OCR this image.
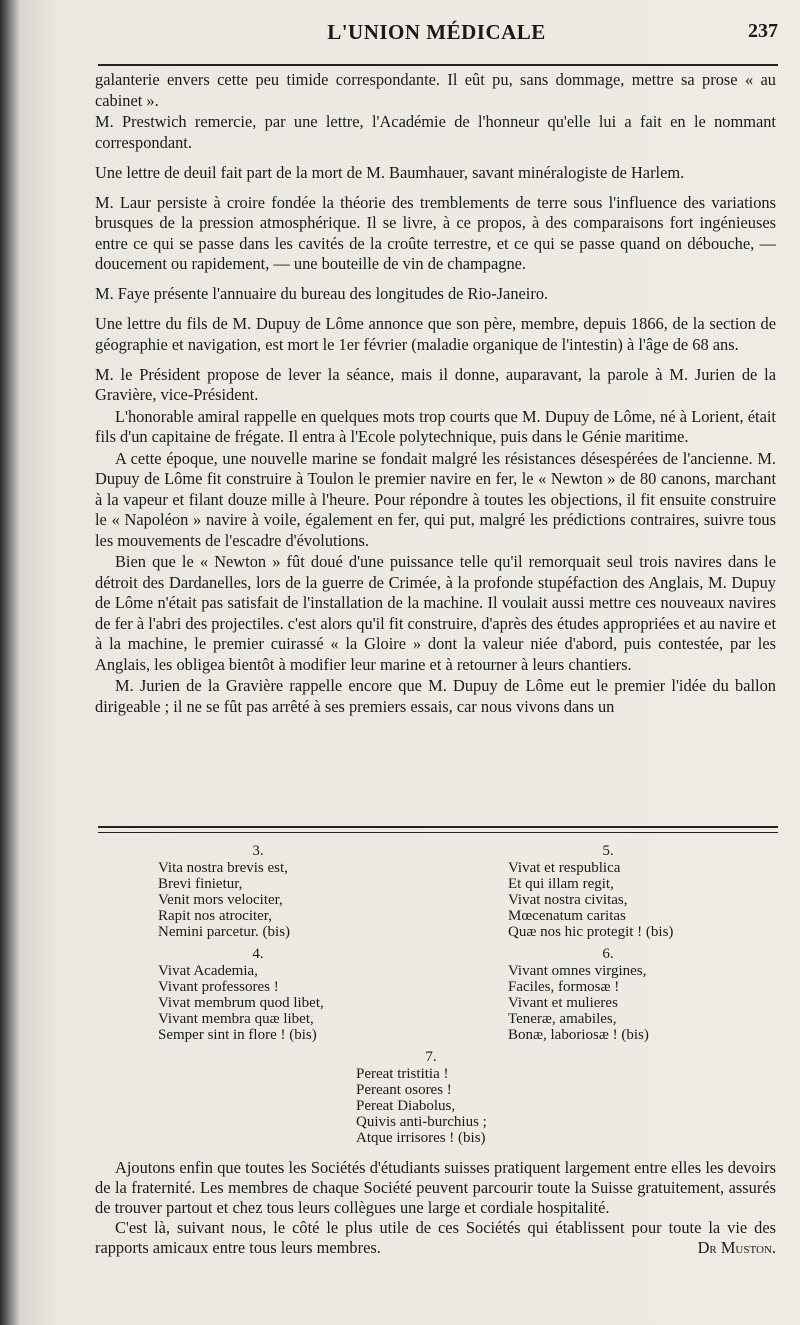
L'UNION MÉDICALE	237

galanterie envers cette peu timide correspondante. Il eût pu, sans dommage, mettre sa prose « au cabinet ».

M. Prestwich remercie, par une lettre, l'Académie de l'honneur qu'elle lui a fait en le nommant correspondant.

Une lettre de deuil fait part de la mort de M. Baumhauer, savant minéralogiste de Harlem.

M. Laur persiste à croire fondée la théorie des tremblements de terre sous l'influence des variations brusques de la pression atmosphérique. Il se livre, à ce propos, à des comparaisons fort ingénieuses entre ce qui se passe dans les cavités de la croûte terrestre, et ce qui se passe quand on débouche, — doucement ou rapidement, — une bouteille de vin de champagne.

M. Faye présente l'annuaire du bureau des longitudes de Rio-Janeiro.

Une lettre du fils de M. Dupuy de Lôme annonce que son père, membre, depuis 1866, de la section de géographie et navigation, est mort le 1er février (maladie organique de l'intestin) à l'âge de 68 ans.

M. le Président propose de lever la séance, mais il donne, auparavant, la parole à M. Jurien de la Gravière, vice-Président.

L'honorable amiral rappelle en quelques mots trop courts que M. Dupuy de Lôme, né à Lorient, était fils d'un capitaine de frégate. Il entra à l'Ecole polytechnique, puis dans le Génie maritime.

A cette époque, une nouvelle marine se fondait malgré les résistances désespérées de l'ancienne. M. Dupuy de Lôme fit construire à Toulon le premier navire en fer, le « Newton » de 80 canons, marchant à la vapeur et filant douze mille à l'heure. Pour répondre à toutes les objections, il fit ensuite construire le « Napoléon » navire à voile, également en fer, qui put, malgré les prédictions contraires, suivre tous les mouvements de l'escadre d'évolutions.

Bien que le « Newton » fût doué d'une puissance telle qu'il remorquait seul trois navires dans le détroit des Dardanelles, lors de la guerre de Crimée, à la profonde stupéfaction des Anglais, M. Dupuy de Lôme n'était pas satisfait de l'installation de la machine. Il voulait aussi mettre ces nouveaux navires de fer à l'abri des projectiles. c'est alors qu'il fit construire, d'après des études appropriées et au navire et à la machine, le premier cuirassé « la Gloire » dont la valeur niée d'abord, puis contestée, par les Anglais, les obligea bientôt à modifier leur marine et à retourner à leurs chantiers.

M. Jurien de la Gravière rappelle encore que M. Dupuy de Lôme eut le premier l'idée du ballon dirigeable ; il ne se fût pas arrêté à ses premiers essais, car nous vivons dans un

3.
Vita nostra brevis est,
Brevi finietur,
Venit mors velociter,
Rapit nos atrociter,
Nemini parcetur. (bis)
5.
Vivat et respublica
Et qui illam regit,
Vivat nostra civitas,
Mœcenatum caritas
Quæ nos hic protegit ! (bis)
4.
Vivat Academia,
Vivant professores !
Vivat membrum quod libet,
Vivant membra quæ libet,
Semper sint in flore ! (bis)
6.
Vivant omnes virgines,
Faciles, formosæ !
Vivant et mulieres
Teneræ, amabiles,
Bonæ, laboriosæ ! (bis)
7.
Pereat tristitia !
Pereant osores !
Pereat Diabolus,
Quivis anti-burchius ;
Atque irrisores ! (bis)

Ajoutons enfin que toutes les Sociétés d'étudiants suisses pratiquent largement entre elles les devoirs de la fraternité. Les membres de chaque Société peuvent parcourir toute la Suisse gratuitement, assurés de trouver partout et chez tous leurs collègues une large et cordiale hospitalité.

C'est là, suivant nous, le côté le plus utile de ces Sociétés qui établissent pour toute la vie des rapports amicaux entre tous leurs membres.	Dr Muston.
